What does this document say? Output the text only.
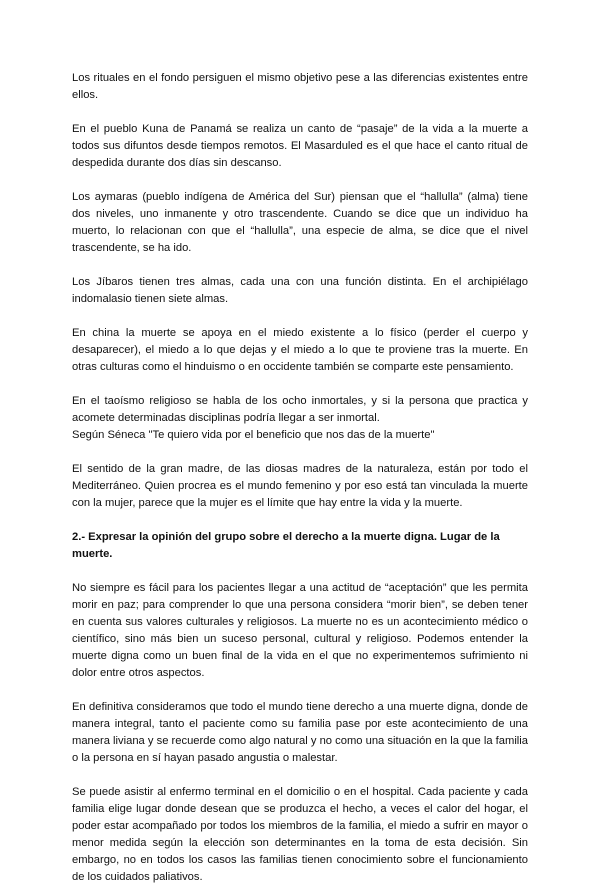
Los rituales en el fondo persiguen el mismo objetivo pese a las diferencias existentes entre ellos.
En el pueblo Kuna de Panamá se realiza un canto de “pasaje” de la vida a la muerte a todos sus difuntos desde tiempos remotos. El Masarduled es el que hace el canto ritual de despedida durante dos días sin descanso.
Los aymaras (pueblo indígena de América del Sur) piensan que el “hallulla” (alma) tiene dos niveles, uno inmanente y otro trascendente. Cuando se dice que un individuo ha muerto, lo relacionan con que el “hallulla”, una especie de alma, se dice que el nivel trascendente, se ha ido.
Los Jíbaros tienen tres almas, cada una con una función distinta. En el archipiélago indomalasio tienen siete almas.
En china la muerte se apoya en el miedo existente a lo físico (perder el cuerpo y desaparecer), el miedo a lo que dejas y el miedo a lo que te proviene tras la muerte. En otras culturas como el hinduismo o en occidente también se comparte este pensamiento.
En el taoísmo religioso se habla de los ocho inmortales, y si la persona que practica y acomete determinadas disciplinas podría llegar a ser inmortal.
Según Séneca "Te quiero vida por el beneficio que nos das de la muerte"
El sentido de la gran madre, de las diosas madres de la naturaleza, están por todo el Mediterráneo. Quien procrea es el mundo femenino y por eso está tan vinculada la muerte con la mujer, parece que la mujer es el límite que hay entre la vida y la muerte.
2.- Expresar la opinión del grupo sobre el derecho a la muerte digna. Lugar de la muerte.
No siempre es fácil para los pacientes llegar a una actitud de “aceptación” que les permita morir en paz; para comprender lo que una persona considera “morir bien”, se deben tener en cuenta sus valores culturales y religiosos. La muerte no es un acontecimiento médico o científico, sino más bien un suceso personal, cultural y religioso. Podemos entender la muerte digna como un buen final de la vida en el que no experimentemos sufrimiento ni dolor entre otros aspectos.
En definitiva consideramos que todo el mundo tiene derecho a una muerte digna, donde de manera integral, tanto el paciente como su familia pase por este acontecimiento de una manera liviana y se recuerde como algo natural y no como una situación en la que la familia o la persona en sí hayan pasado angustia o malestar.
Se puede asistir al enfermo terminal en el domicilio o en el hospital. Cada paciente y cada familia elige lugar donde desean que se produzca el hecho, a veces el calor del hogar, el poder estar acompañado por todos los miembros de la familia, el miedo a sufrir en mayor o menor medida según la elección son determinantes en la toma de esta decisión. Sin embargo, no en todos los casos las familias tienen conocimiento sobre el funcionamiento de los cuidados paliativos.
